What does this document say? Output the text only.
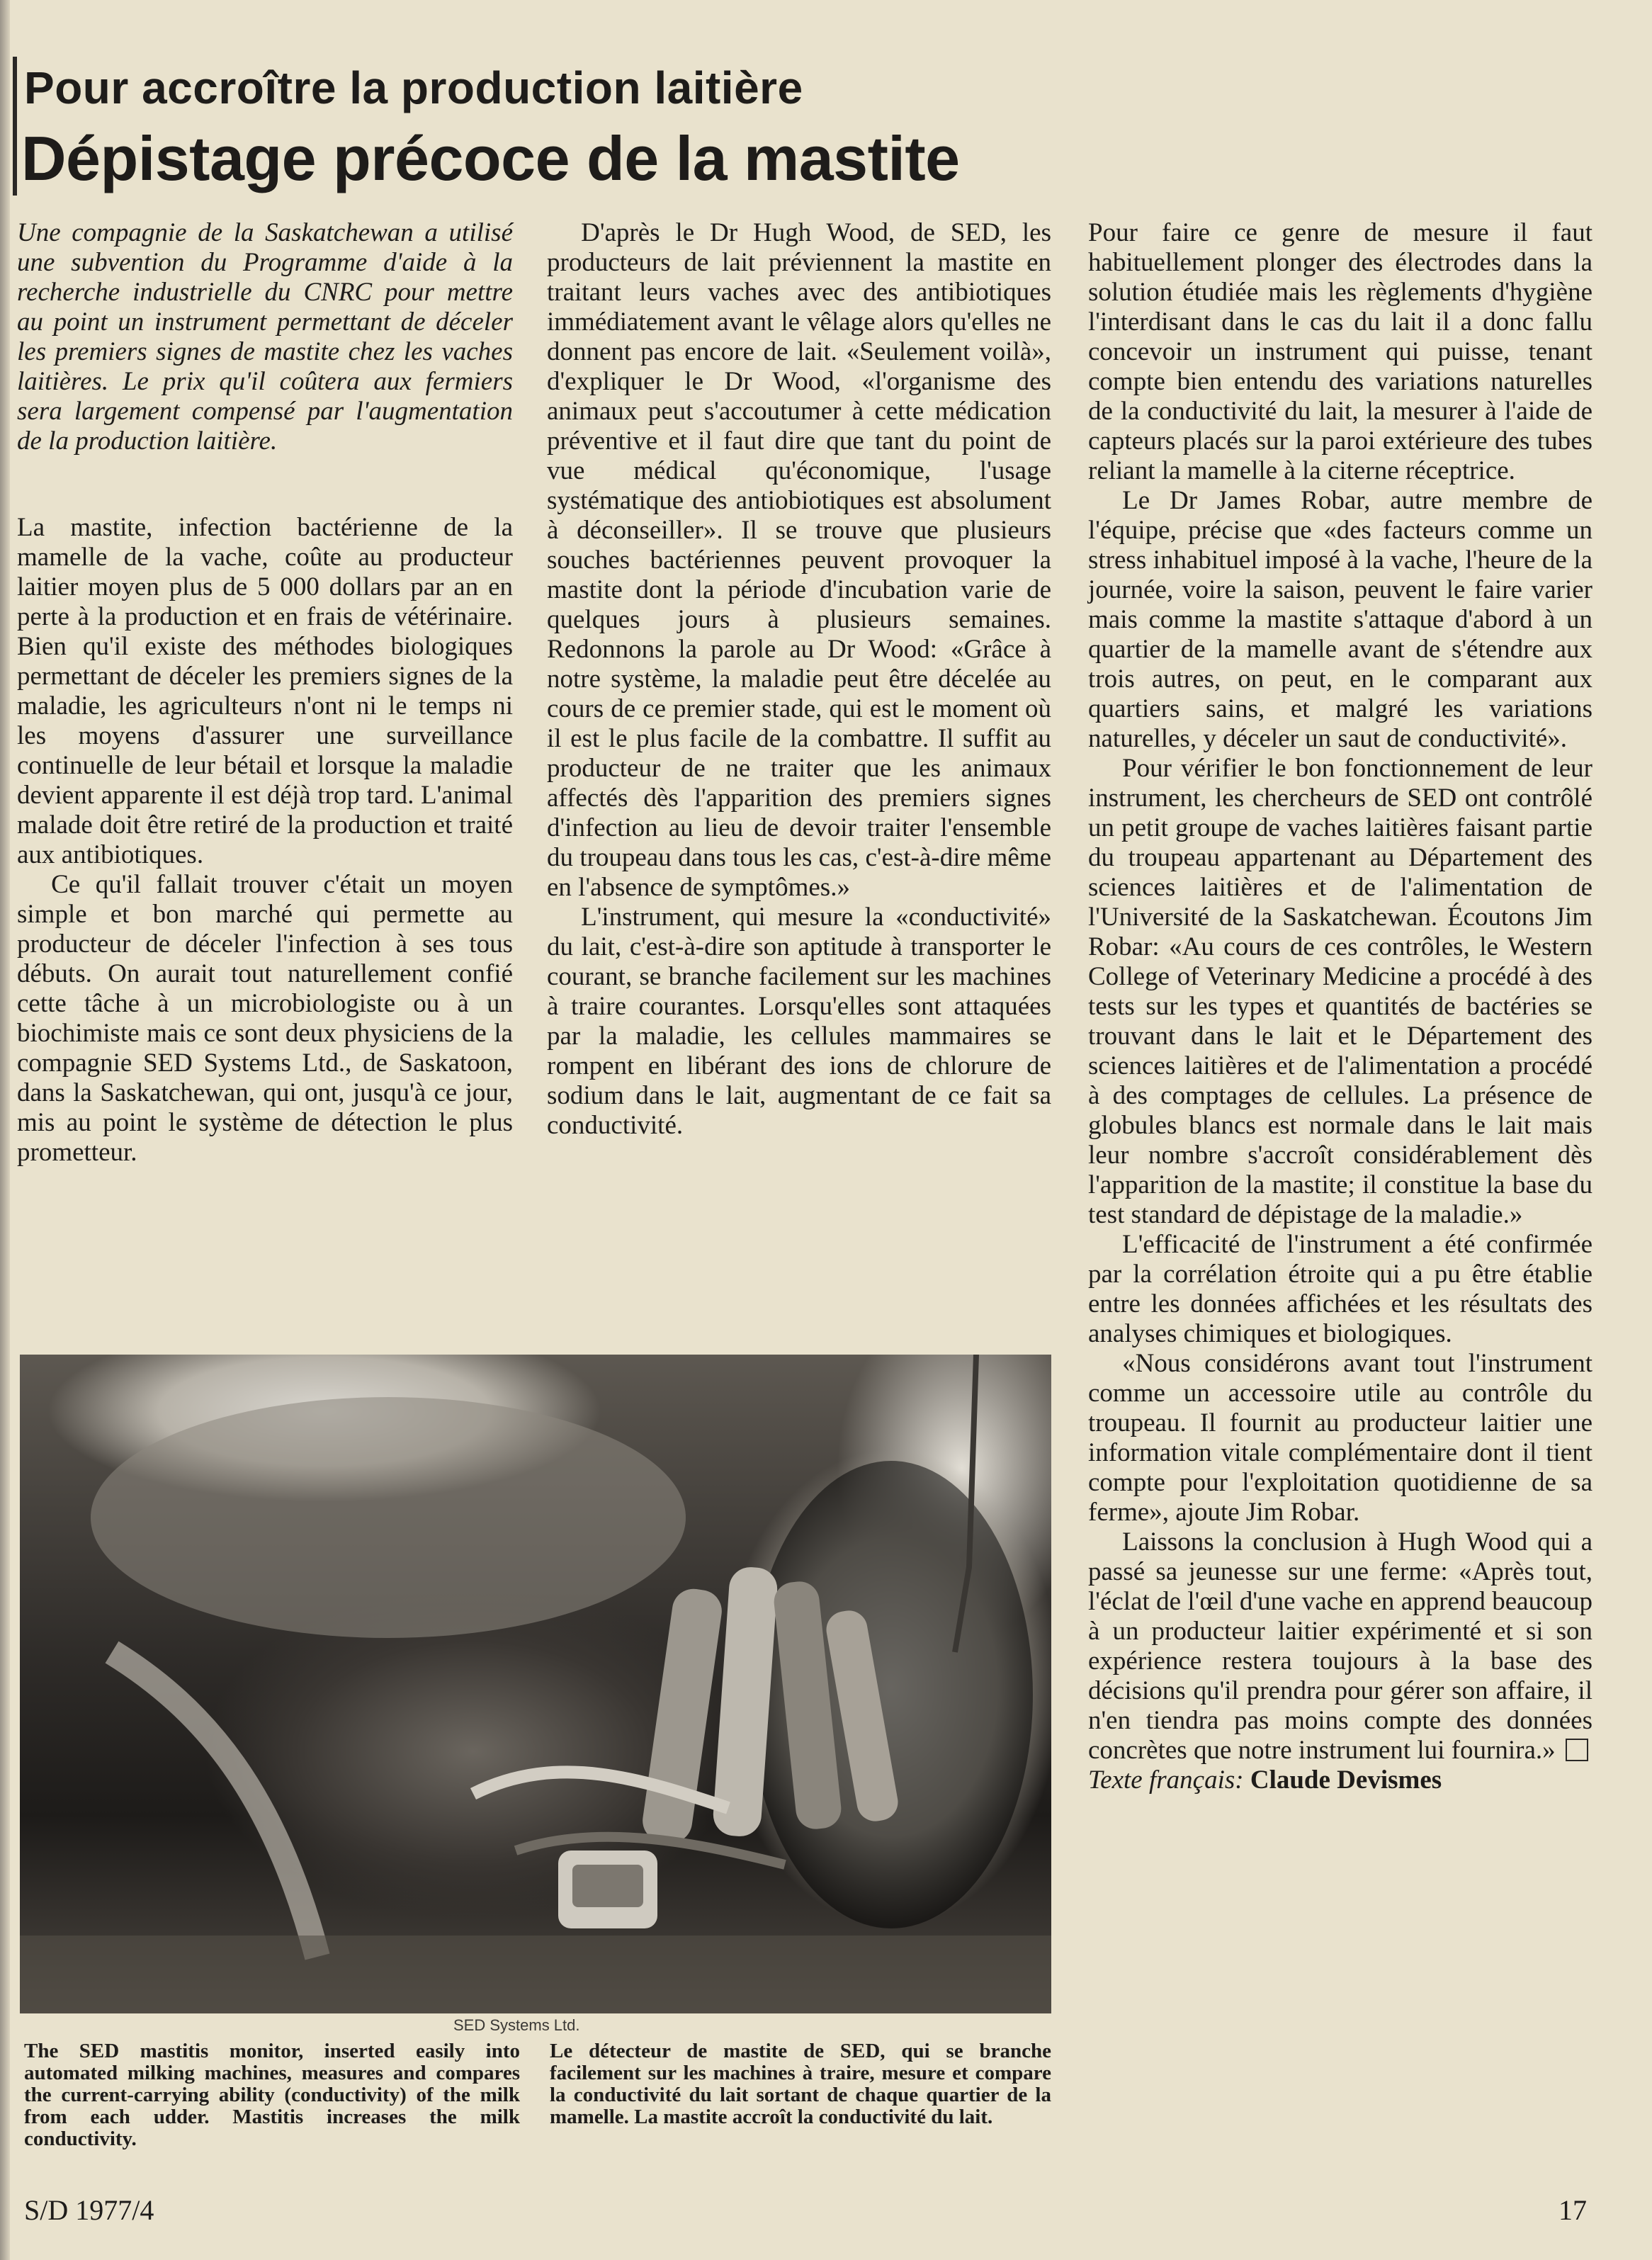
Pour accroître la production laitière
Dépistage précoce de la mastite

Une compagnie de la Saskatchewan a utilisé une subvention du Programme d'aide à la recherche industrielle du CNRC pour mettre au point un instrument permettant de déceler les premiers signes de mastite chez les vaches laitières. Le prix qu'il coûtera aux fermiers sera largement compensé par l'augmentation de la production laitière.

La mastite, infection bactérienne de la mamelle de la vache, coûte au producteur laitier moyen plus de 5 000 dollars par an en perte à la production et en frais de vétérinaire. Bien qu'il existe des méthodes biologiques permettant de déceler les premiers signes de la maladie, les agriculteurs n'ont ni le temps ni les moyens d'assurer une surveillance continuelle de leur bétail et lorsque la maladie devient apparente il est déjà trop tard. L'animal malade doit être retiré de la production et traité aux antibiotiques.

Ce qu'il fallait trouver c'était un moyen simple et bon marché qui permette au producteur de déceler l'infection à ses tous débuts. On aurait tout naturellement confié cette tâche à un microbiologiste ou à un biochimiste mais ce sont deux physiciens de la compagnie SED Systems Ltd., de Saskatoon, dans la Saskatchewan, qui ont, jusqu'à ce jour, mis au point le système de détection le plus prometteur.

D'après le Dr Hugh Wood, de SED, les producteurs de lait préviennent la mastite en traitant leurs vaches avec des antibiotiques immédiatement avant le vêlage alors qu'elles ne donnent pas encore de lait. «Seulement voilà», d'expliquer le Dr Wood, «l'organisme des animaux peut s'accoutumer à cette médication préventive et il faut dire que tant du point de vue médical qu'économique, l'usage systématique des antiobiotiques est absolument à déconseiller». Il se trouve que plusieurs souches bactériennes peuvent provoquer la mastite dont la période d'incubation varie de quelques jours à plusieurs semaines. Redonnons la parole au Dr Wood: «Grâce à notre système, la maladie peut être décelée au cours de ce premier stade, qui est le moment où il est le plus facile de la combattre. Il suffit au producteur de ne traiter que les animaux affectés dès l'apparition des premiers signes d'infection au lieu de devoir traiter l'ensemble du troupeau dans tous les cas, c'est-à-dire même en l'absence de symptômes.»

L'instrument, qui mesure la «conductivité» du lait, c'est-à-dire son aptitude à transporter le courant, se branche facilement sur les machines à traire courantes. Lorsqu'elles sont attaquées par la maladie, les cellules mammaires se rompent en libérant des ions de chlorure de sodium dans le lait, augmentant de ce fait sa conductivité.

Pour faire ce genre de mesure il faut habituellement plonger des électrodes dans la solution étudiée mais les règlements d'hygiène l'interdisant dans le cas du lait il a donc fallu concevoir un instrument qui puisse, tenant compte bien entendu des variations naturelles de la conductivité du lait, la mesurer à l'aide de capteurs placés sur la paroi extérieure des tubes reliant la mamelle à la citerne réceptrice.

Le Dr James Robar, autre membre de l'équipe, précise que «des facteurs comme un stress inhabituel imposé à la vache, l'heure de la journée, voire la saison, peuvent le faire varier mais comme la mastite s'attaque d'abord à un quartier de la mamelle avant de s'étendre aux trois autres, on peut, en le comparant aux quartiers sains, et malgré les variations naturelles, y déceler un saut de conductivité».

Pour vérifier le bon fonctionnement de leur instrument, les chercheurs de SED ont contrôlé un petit groupe de vaches laitières faisant partie du troupeau appartenant au Département des sciences laitières et de l'alimentation de l'Université de la Saskatchewan. Écoutons Jim Robar: «Au cours de ces contrôles, le Western College of Veterinary Medicine a procédé à des tests sur les types et quantités de bactéries se trouvant dans le lait et le Département des sciences laitières et de l'alimentation a procédé à des comptages de cellules. La présence de globules blancs est normale dans le lait mais leur nombre s'accroît considérablement dès l'apparition de la mastite; il constitue la base du test standard de dépistage de la maladie.»

L'efficacité de l'instrument a été confirmée par la corrélation étroite qui a pu être établie entre les données affichées et les résultats des analyses chimiques et biologiques.

«Nous considérons avant tout l'instrument comme un accessoire utile au contrôle du troupeau. Il fournit au producteur laitier une information vitale complémentaire dont il tient compte pour l'exploitation quotidienne de sa ferme», ajoute Jim Robar.

Laissons la conclusion à Hugh Wood qui a passé sa jeunesse sur une ferme: «Après tout, l'éclat de l'œil d'une vache en apprend beaucoup à un producteur laitier expérimenté et si son expérience restera toujours à la base des décisions qu'il prendra pour gérer son affaire, il n'en tiendra pas moins compte des données concrètes que notre instrument lui fournira.»

Texte français: Claude Devismes

SED Systems Ltd.
The SED mastitis monitor, inserted easily into automated milking machines, measures and compares the current-carrying ability (conductivity) of the milk from each udder. Mastitis increases the milk conductivity.
Le détecteur de mastite de SED, qui se branche facilement sur les machines à traire, mesure et compare la conductivité du lait sortant de chaque quartier de la mamelle. La mastite accroît la conductivité du lait.
S/D 1977/4	17
